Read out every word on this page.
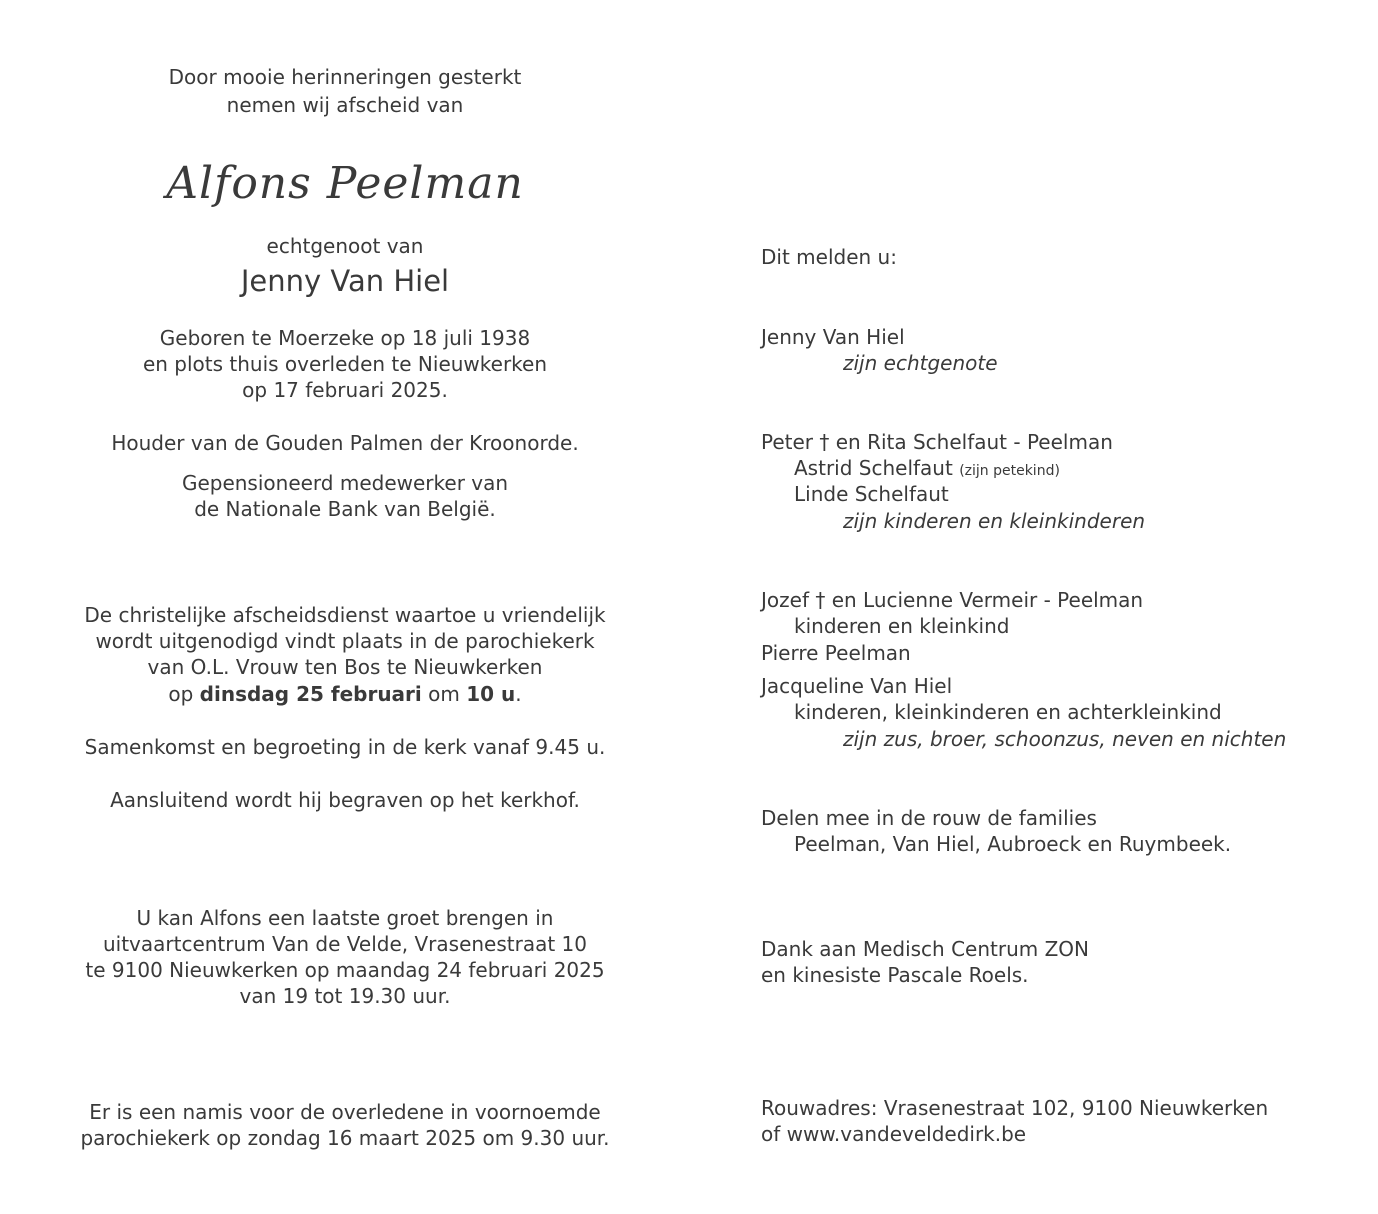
Door mooie herinneringen gesterkt
nemen wij afscheid van
Alfons Peelman
echtgenoot van
Jenny Van Hiel
Geboren te Moerzeke op 18 juli 1938
en plots thuis overleden te Nieuwkerken
op 17 februari 2025.
Houder van de Gouden Palmen der Kroonorde.
Gepensioneerd medewerker van
de Nationale Bank van België.
De christelijke afscheidsdienst waartoe u vriendelijk
wordt uitgenodigd vindt plaats in de parochiekerk
van O.L. Vrouw ten Bos te Nieuwkerken
op dinsdag 25 februari om 10 u.
Samenkomst en begroeting in de kerk vanaf 9.45 u.
Aansluitend wordt hij begraven op het kerkhof.
U kan Alfons een laatste groet brengen in
uitvaartcentrum Van de Velde, Vrasenestraat 10
te 9100 Nieuwkerken op maandag 24 februari 2025
van 19 tot 19.30 uur.
Er is een namis voor de overledene in voornoemde
parochiekerk op zondag 16 maart 2025 om 9.30 uur.
Dit melden u:
Jenny Van Hiel
zijn echtgenote
Peter † en Rita Schelfaut - Peelman
Astrid Schelfaut (zijn petekind)
Linde Schelfaut
zijn kinderen en kleinkinderen
Jozef † en Lucienne Vermeir - Peelman
kinderen en kleinkind
Pierre Peelman
Jacqueline Van Hiel
kinderen, kleinkinderen en achterkleinkind
zijn zus, broer, schoonzus, neven en nichten
Delen mee in de rouw de families
Peelman, Van Hiel, Aubroeck en Ruymbeek.
Dank aan Medisch Centrum ZON
en kinesiste Pascale Roels.
Rouwadres: Vrasenestraat 102, 9100 Nieuwkerken
of www.vandeveldedirk.be
